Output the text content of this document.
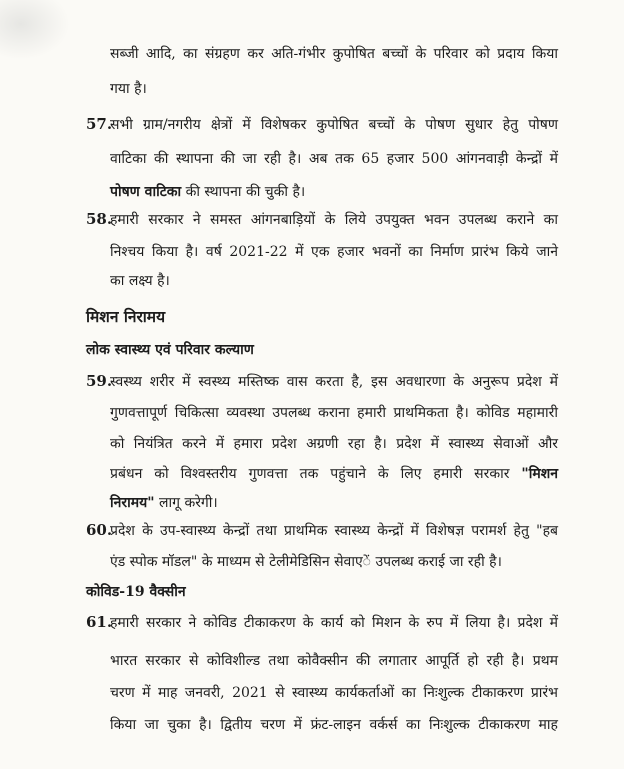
सब्जी आदि, का संग्रहण कर अति-गंभीर कुपोषित बच्चों के परिवार को प्रदाय किया
गया है।
57.
सभी ग्राम/नगरीय क्षेत्रों में विशेषकर कुपोषित बच्चों के पोषण सुधार हेतु पोषण
वाटिका की स्थापना की जा रही है। अब तक 65 हजार 500 आंगनवाड़ी केन्द्रों में
पोषण वाटिका की स्थापना की चुकी है।
58.
हमारी सरकार ने समस्त आंगनबाड़ियों के लिये उपयुक्त भवन उपलब्ध कराने का
निश्चय किया है। वर्ष 2021-22 में एक हजार भवनों का निर्माण प्रारंभ किये जाने
का लक्ष्य है।
मिशन निरामय
लोक स्वास्थ्य एवं परिवार कल्याण
59.
स्वस्थ्य शरीर में स्वस्थ्य मस्तिष्क वास करता है, इस अवधारणा के अनुरूप प्रदेश में
गुणवत्तापूर्ण चिकित्सा व्यवस्था उपलब्ध कराना हमारी प्राथमिकता है। कोविड महामारी
को नियंत्रित करने में हमारा प्रदेश अग्रणी रहा है। प्रदेश में स्वास्थ्य सेवाओं और
प्रबंधन को विश्वस्तरीय गुणवत्ता तक पहुंचाने के लिए हमारी सरकार "मिशन
निरामय" लागू करेगी।
60.
प्रदेश के उप-स्वास्थ्य केन्द्रों तथा प्राथमिक स्वास्थ्य केन्द्रों में विशेषज्ञ परामर्श हेतु "हब
एंड स्पोक मॉडल" के माध्यम से टेलीमेडिसिन सेवाएें उपलब्ध कराई जा रही है।
कोविड-19 वैक्सीन
61.
हमारी सरकार ने कोविड टीकाकरण के कार्य को मिशन के रुप में लिया है। प्रदेश में
भारत सरकार से कोविशील्ड तथा कोवैक्सीन की लगातार आपूर्ति हो रही है। प्रथम
चरण में माह जनवरी, 2021 से स्वास्थ्य कार्यकर्ताओं का निःशुल्क टीकाकरण प्रारंभ
किया जा चुका है। द्वितीय चरण में फ्रंट-लाइन वर्कर्स का निःशुल्क टीकाकरण माह
